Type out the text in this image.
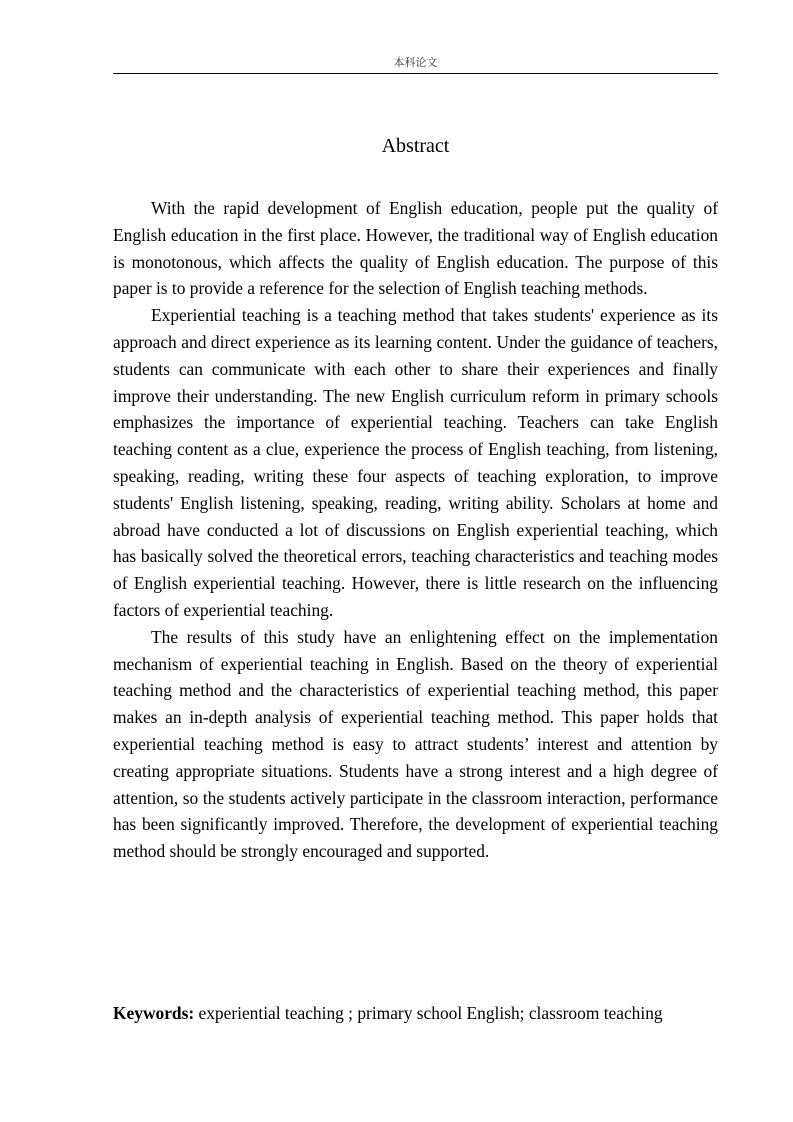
本科论文
Abstract

With the rapid development of English education, people put the quality of English education in the first place. However, the traditional way of English education is monotonous, which affects the quality of English education. The purpose of this paper is to provide a reference for the selection of English teaching methods.

Experiential teaching is a teaching method that takes students' experience as its approach and direct experience as its learning content. Under the guidance of teachers, students can communicate with each other to share their experiences and finally improve their understanding. The new English curriculum reform in primary schools emphasizes the importance of experiential teaching. Teachers can take English teaching content as a clue, experience the process of English teaching, from listening, speaking, reading, writing these four aspects of teaching exploration, to improve students' English listening, speaking, reading, writing ability. Scholars at home and abroad have conducted a lot of discussions on English experiential teaching, which has basically solved the theoretical errors, teaching characteristics and teaching modes of English experiential teaching. However, there is little research on the influencing factors of experiential teaching.

The results of this study have an enlightening effect on the implementation mechanism of experiential teaching in English. Based on the theory of experiential teaching method and the characteristics of experiential teaching method, this paper makes an in-depth analysis of experiential teaching method. This paper holds that experiential teaching method is easy to attract students’ interest and attention by creating appropriate situations. Students have a strong interest and a high degree of attention, so the students actively participate in the classroom interaction, performance has been significantly improved. Therefore, the development of experiential teaching method should be strongly encouraged and supported.

Keywords: experiential teaching ; primary school English; classroom teaching
